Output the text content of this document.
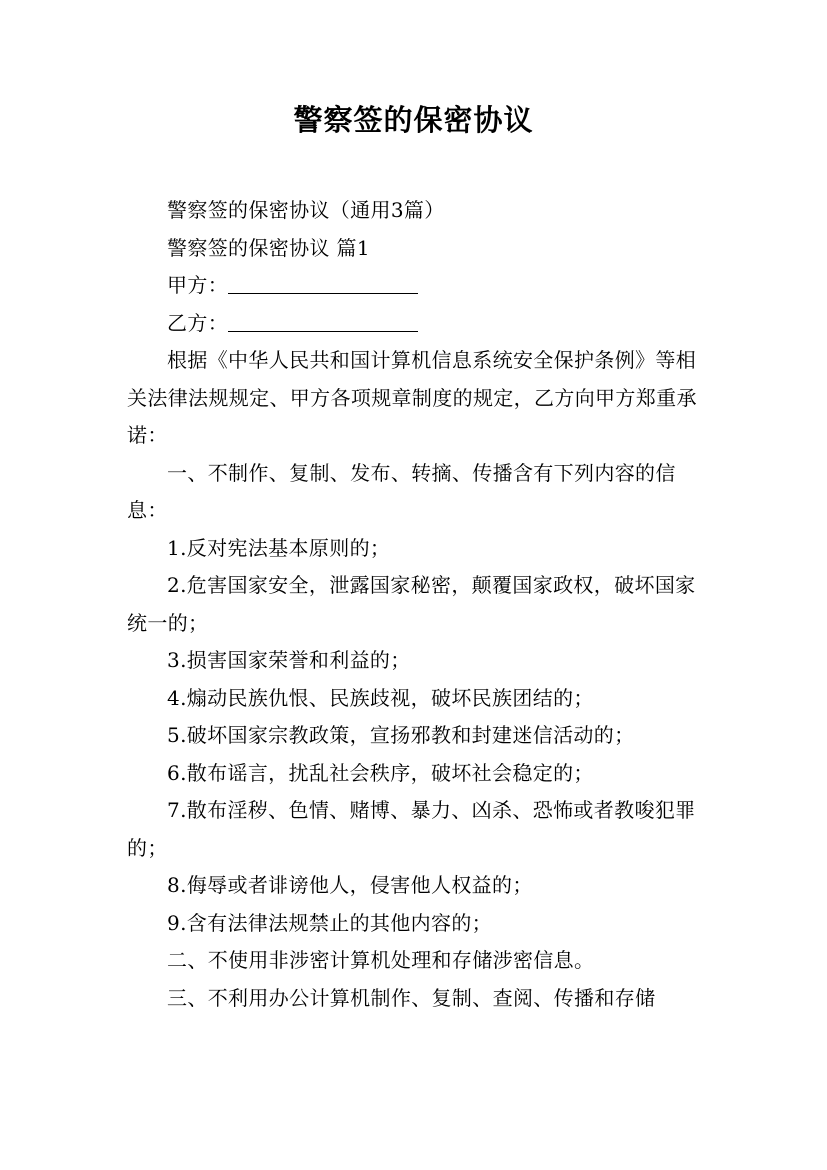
警察签的保密协议

警察签的保密协议（通用3篇）

警察签的保密协议 篇1

甲方：

乙方：

根据《中华人民共和国计算机信息系统安全保护条例》等相关法律法规规定、甲方各项规章制度的规定，乙方向甲方郑重承诺：

一、不制作、复制、发布、转摘、传播含有下列内容的信息：

1.反对宪法基本原则的；

2.危害国家安全，泄露国家秘密，颠覆国家政权，破坏国家统一的；

3.损害国家荣誉和利益的；

4.煽动民族仇恨、民族歧视，破坏民族团结的；

5.破坏国家宗教政策，宣扬邪教和封建迷信活动的；

6.散布谣言，扰乱社会秩序，破坏社会稳定的；

7.散布淫秽、色情、赌博、暴力、凶杀、恐怖或者教唆犯罪的；

8.侮辱或者诽谤他人，侵害他人权益的；

9.含有法律法规禁止的其他内容的；

二、不使用非涉密计算机处理和存储涉密信息。

三、不利用办公计算机制作、复制、查阅、传播和存储
